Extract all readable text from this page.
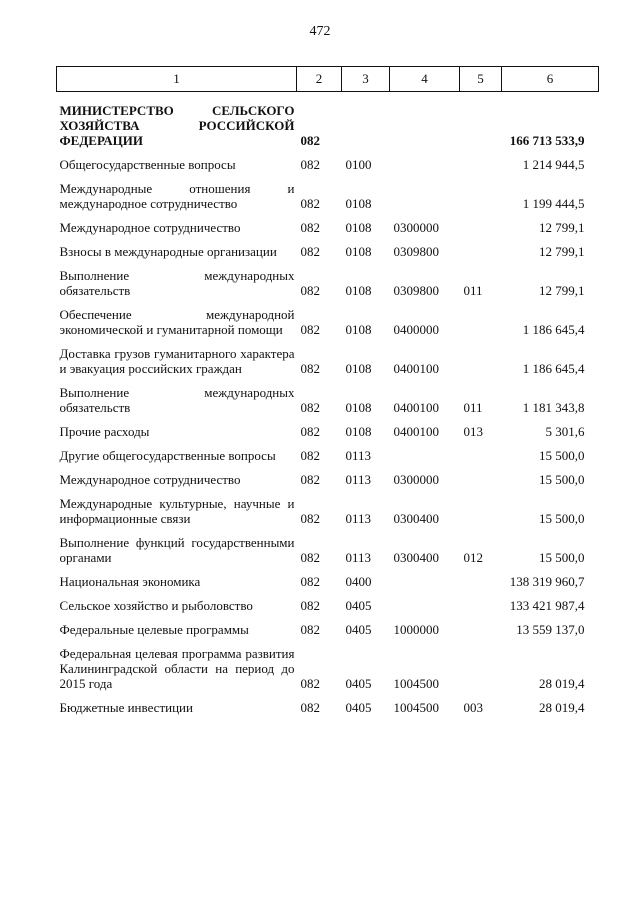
472
1	2	3	4	5	6
МИНИСТЕРСТВО СЕЛЬСКОГО ХОЗЯЙСТВА РОССИЙСКОЙ ФЕДЕРАЦИИ	082				166 713 533,9
Общегосударственные вопросы	082	0100			1 214 944,5
Международные отношения и международное сотрудничество	082	0108			1 199 444,5
Международное сотрудничество	082	0108	0300000		12 799,1
Взносы в международные организации	082	0108	0309800		12 799,1
Выполнение международных обязательств	082	0108	0309800	011	12 799,1
Обеспечение международной экономической и гуманитарной помощи	082	0108	0400000		1 186 645,4
Доставка грузов гуманитарного характера и эвакуация российских граждан	082	0108	0400100		1 186 645,4
Выполнение международных обязательств	082	0108	0400100	011	1 181 343,8
Прочие расходы	082	0108	0400100	013	5 301,6
Другие общегосударственные вопросы	082	0113			15 500,0
Международное сотрудничество	082	0113	0300000		15 500,0
Международные культурные, научные и информационные связи	082	0113	0300400		15 500,0
Выполнение функций государственными органами	082	0113	0300400	012	15 500,0
Национальная экономика	082	0400			138 319 960,7
Сельское хозяйство и рыболовство	082	0405			133 421 987,4
Федеральные целевые программы	082	0405	1000000		13 559 137,0
Федеральная целевая программа развития Калининградской области на период до 2015 года	082	0405	1004500		28 019,4
Бюджетные инвестиции	082	0405	1004500	003	28 019,4
